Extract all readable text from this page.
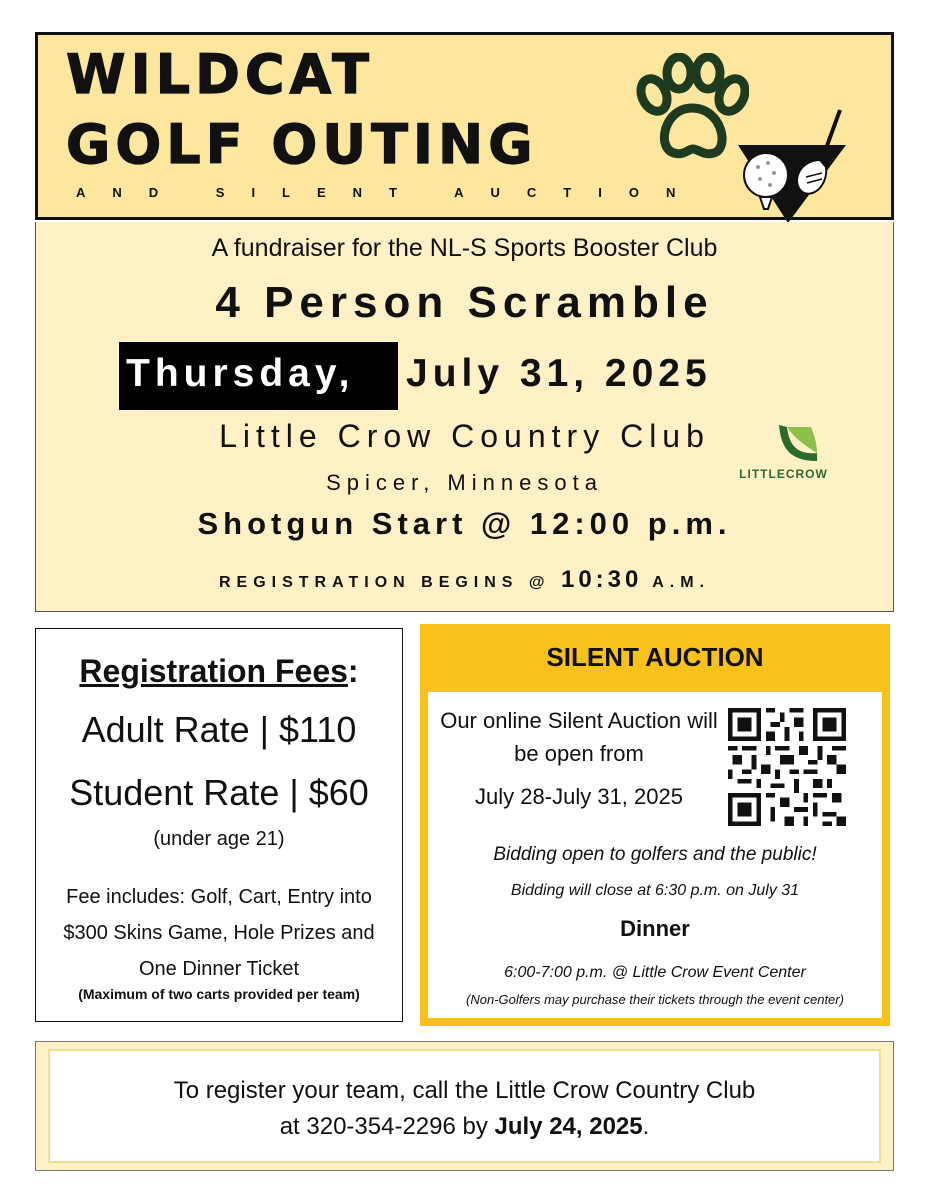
WILDCAT
GOLF OUTING
AND SILENT AUCTION
A fundraiser for the NL-S Sports Booster Club
4 Person Scramble
Thursday,	July 31, 2025
Little Crow Country Club
Spicer, Minnesota
Shotgun Start @ 12:00 p.m.
REGISTRATION BEGINS @ 10:30 A.M.
LITTLECROW
Registration Fees:
Adult Rate | $110
Student Rate | $60
(under age 21)
Fee includes: Golf, Cart, Entry into $300 Skins Game, Hole Prizes and One Dinner Ticket
(Maximum of two carts provided per team)
SILENT AUCTION
Our online Silent Auction will be open from
July 28-July 31, 2025
Bidding open to golfers and the public!
Bidding will close at 6:30 p.m. on July 31
Dinner
6:00-7:00 p.m. @ Little Crow Event Center
(Non-Golfers may purchase their tickets through the event center)
To register your team, call the Little Crow Country Club
at 320-354-2296 by July 24, 2025.
